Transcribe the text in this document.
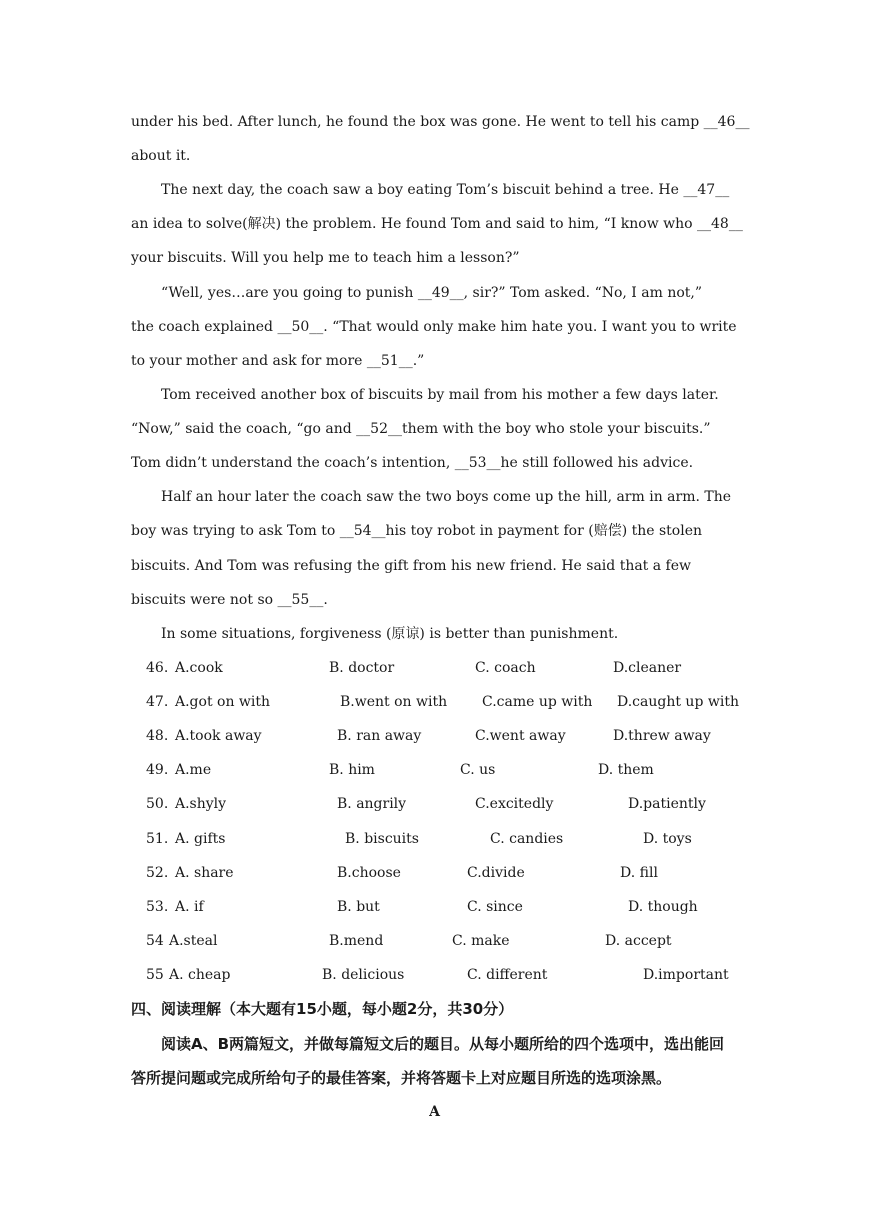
under his bed. After lunch, he found the box was gone. He went to tell his camp __46__
about it.
The next day, the coach saw a boy eating Tom’s biscuit behind a tree. He __47__
an idea to solve(解决) the problem. He found Tom and said to him, “I know who __48__
your biscuits. Will you help me to teach him a lesson?”
“Well, yes…are you going to punish __49__, sir?” Tom asked. “No, I am not,”
the coach explained __50__. “That would only make him hate you. I want you to write
to your mother and ask for more __51__.”
Tom received another box of biscuits by mail from his mother a few days later.
“Now,” said the coach, “go and __52__them with the boy who stole your biscuits.”
Tom didn’t understand the coach’s intention, __53__he still followed his advice.
Half an hour later the coach saw the two boys come up the hill, arm in arm. The
boy was trying to ask Tom to __54__his toy robot in payment for (赔偿) the stolen
biscuits. And Tom was refusing the gift from his new friend. He said that a few
biscuits were not so __55__.
In some situations, forgiveness (原谅) is better than punishment.
46. A.cook	B. doctor	C. coach	D.cleaner
47. A.got on with	B.went on with C.came up with D.caught up with
48. A.took away	B. ran away	C.went away	D.threw away
49. A.me	B. him	C. us	D. them
50. A.shyly	B. angrily	C.excitedly	D.patiently
51. A. gifts	B. biscuits	C. candies	D. toys
52. A. share	B.choose	C.divide	D. fill
53. A. if	B. but	C. since	D. though
54 A.steal	B.mend	C. make	D. accept
55 A. cheap	B. delicious	C. different	D.important
四、阅读理解（本大题有15小题，每小题2分，共30分）
阅读A、B两篇短文，并做每篇短文后的题目。从每小题所给的四个选项中，选出能回
答所提问题或完成所给句子的最佳答案，并将答题卡上对应题目所选的选项涂黑。
A
